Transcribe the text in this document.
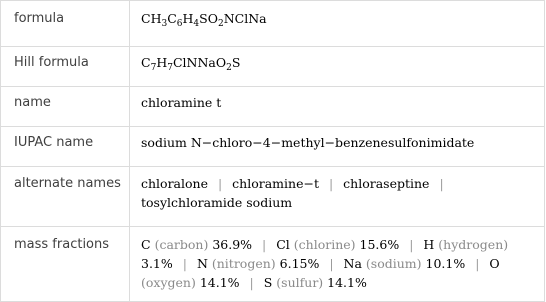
formula	$CH_3C_6H_4SO_2NClNa$
Hill formula	$C_7H_7ClNNaO_2S$
name	chloramine t
IUPAC name	sodium N−chloro−4−methyl−benzenesulfonimidate
alternate names	chloralone | chloramine−t | chloraseptine | tosylchloramide sodium
mass fractions	C (carbon) 36.9% | Cl (chlorine) 15.6% | H (hydrogen) 3.1% | N (nitrogen) 6.15% | Na (sodium) 10.1% | O (oxygen) 14.1% | S (sulfur) 14.1%
